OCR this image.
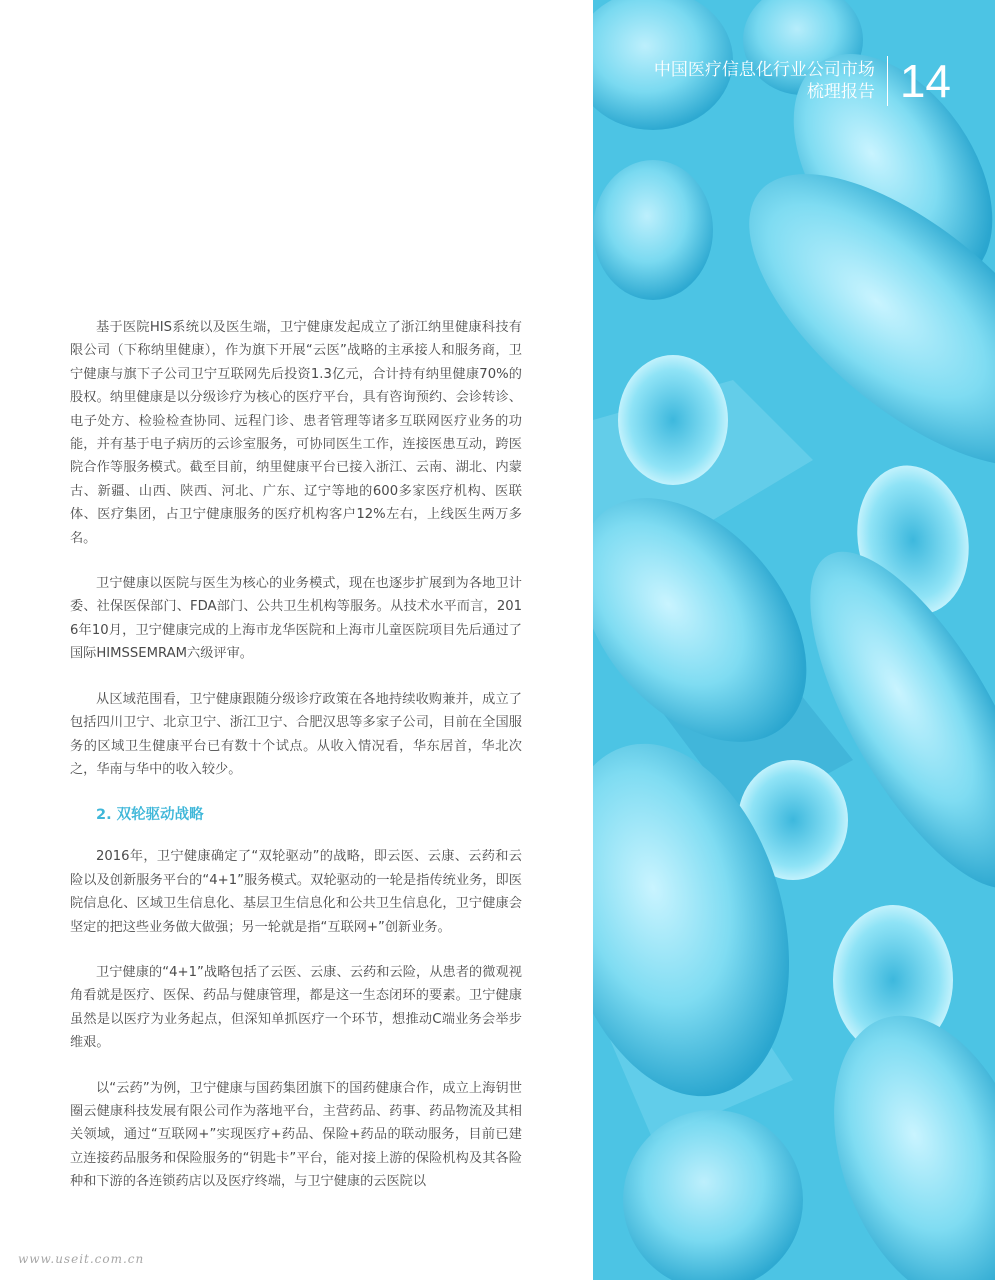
基于医院HIS系统以及医生端，卫宁健康发起成立了浙江纳里健康科技有限公司（下称纳里健康），作为旗下开展“云医”战略的主承接人和服务商，卫宁健康与旗下子公司卫宁互联网先后投资1.3亿元，合计持有纳里健康70%的股权。纳里健康是以分级诊疗为核心的医疗平台，具有咨询预约、会诊转诊、电子处方、检验检查协同、远程门诊、患者管理等诸多互联网医疗业务的功能，并有基于电子病历的云诊室服务，可协同医生工作，连接医患互动，跨医院合作等服务模式。截至目前，纳里健康平台已接入浙江、云南、湖北、内蒙古、新疆、山西、陕西、河北、广东、辽宁等地的600多家医疗机构、医联体、医疗集团，占卫宁健康服务的医疗机构客户12%左右，上线医生两万多名。

卫宁健康以医院与医生为核心的业务模式，现在也逐步扩展到为各地卫计委、社保医保部门、FDA部门、公共卫生机构等服务。从技术水平而言，2016年10月，卫宁健康完成的上海市龙华医院和上海市儿童医院项目先后通过了国际HIMSSEMRAM六级评审。

从区域范围看，卫宁健康跟随分级诊疗政策在各地持续收购兼并，成立了包括四川卫宁、北京卫宁、浙江卫宁、合肥汉思等多家子公司，目前在全国服务的区域卫生健康平台已有数十个试点。从收入情况看，华东居首，华北次之，华南与华中的收入较少。

2. 双轮驱动战略

2016年，卫宁健康确定了“双轮驱动”的战略，即云医、云康、云药和云险以及创新服务平台的“4+1”服务模式。双轮驱动的一轮是指传统业务，即医院信息化、区域卫生信息化、基层卫生信息化和公共卫生信息化，卫宁健康会坚定的把这些业务做大做强；另一轮就是指“互联网+”创新业务。

卫宁健康的“4+1”战略包括了云医、云康、云药和云险，从患者的微观视角看就是医疗、医保、药品与健康管理，都是这一生态闭环的要素。卫宁健康虽然是以医疗为业务起点，但深知单抓医疗一个环节，想推动C端业务会举步维艰。

以“云药”为例，卫宁健康与国药集团旗下的国药健康合作，成立上海钥世圈云健康科技发展有限公司作为落地平台，主营药品、药事、药品物流及其相关领域，通过“互联网+”实现医疗+药品、保险+药品的联动服务，目前已建立连接药品服务和保险服务的“钥匙卡”平台，能对接上游的保险机构及其各险种和下游的各连锁药店以及医疗终端，与卫宁健康的云医院以

中国医疗信息化行业公司市场
梳理报告 14
www.useit.com.cn
